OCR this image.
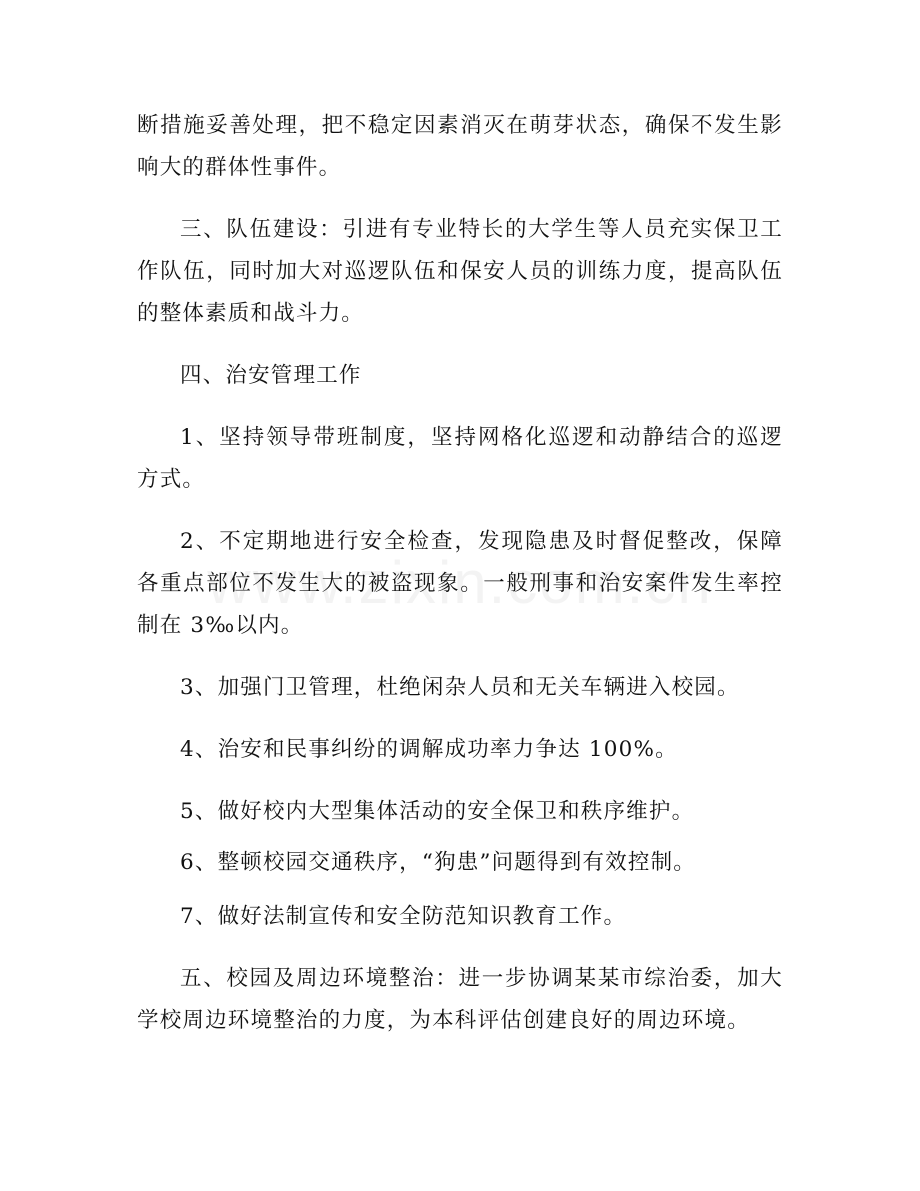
断措施妥善处理，把不稳定因素消灭在萌芽状态，确保不发生影响大的群体性事件。
三、队伍建设：引进有专业特长的大学生等人员充实保卫工作队伍，同时加大对巡逻队伍和保安人员的训练力度，提高队伍的整体素质和战斗力。
四、治安管理工作
1、坚持领导带班制度，坚持网格化巡逻和动静结合的巡逻方式。
2、不定期地进行安全检查，发现隐患及时督促整改，保障各重点部位不发生大的被盗现象。一般刑事和治安案件发生率控制在 3‰以内。
3、加强门卫管理，杜绝闲杂人员和无关车辆进入校园。
4、治安和民事纠纷的调解成功率力争达 100%。
5、做好校内大型集体活动的安全保卫和秩序维护。
6、整顿校园交通秩序，“狗患”问题得到有效控制。
7、做好法制宣传和安全防范知识教育工作。
五、校园及周边环境整治：进一步协调某某市综治委，加大学校周边环境整治的力度，为本科评估创建良好的周边环境。
